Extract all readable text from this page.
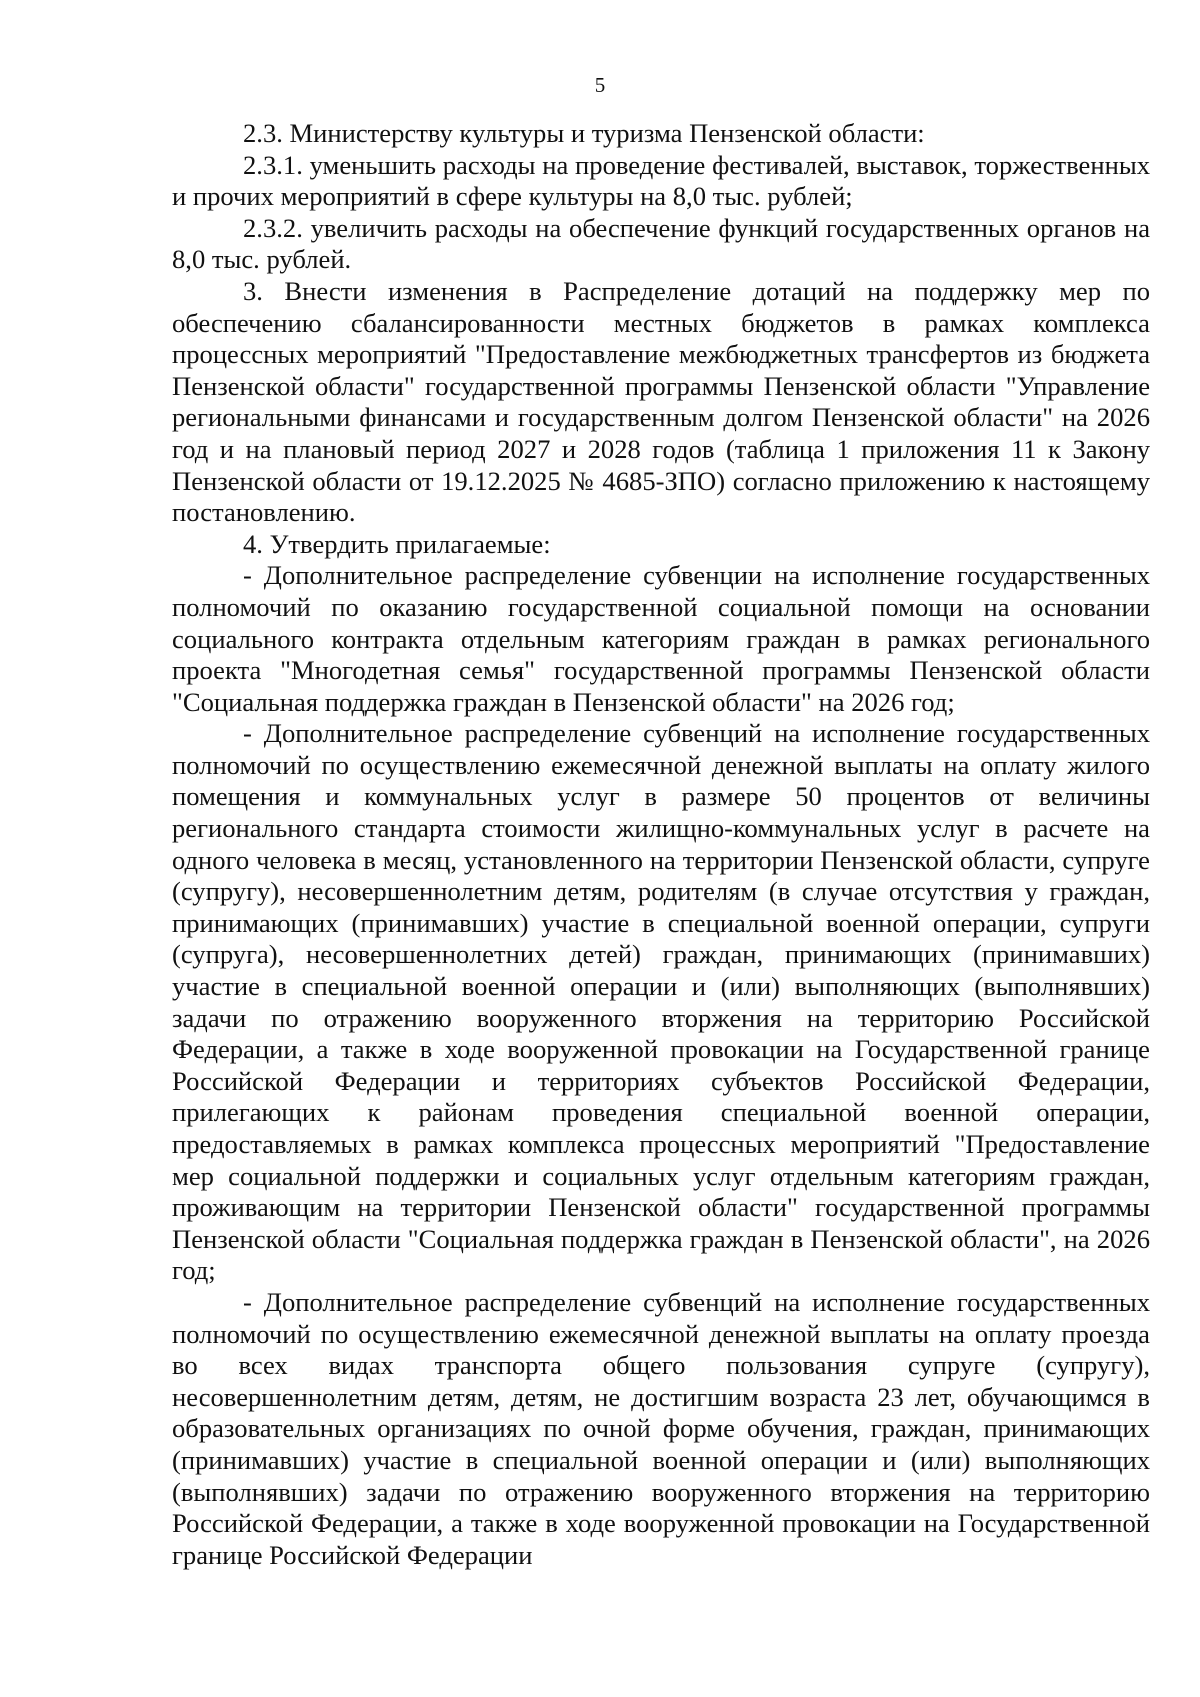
5

2.3. Министерству культуры и туризма Пензенской области:

2.3.1. уменьшить расходы на проведение фестивалей, выставок, торжественных и прочих мероприятий в сфере культуры на 8,0 тыс. рублей;

2.3.2. увеличить расходы на обеспечение функций государственных органов на 8,0 тыс. рублей.

3. Внести изменения в Распределение дотаций на поддержку мер по обеспечению сбалансированности местных бюджетов в рамках комплекса процессных мероприятий "Предоставление межбюджетных трансфертов из бюджета Пензенской области" государственной программы Пензенской области "Управление региональными финансами и государственным долгом Пензенской области" на 2026 год и на плановый период 2027 и 2028 годов (таблица 1 приложения 11 к Закону Пензенской области от 19.12.2025 № 4685-ЗПО) согласно приложению к настоящему постановлению.

4. Утвердить прилагаемые:

- Дополнительное распределение субвенции на исполнение государственных полномочий по оказанию государственной социальной помощи на основании социального контракта отдельным категориям граждан в рамках регионального проекта "Многодетная семья" государственной программы Пензенской области "Социальная поддержка граждан в Пензенской области" на 2026 год;

- Дополнительное распределение субвенций на исполнение государственных полномочий по осуществлению ежемесячной денежной выплаты на оплату жилого помещения и коммунальных услуг в размере 50 процентов от величины регионального стандарта стоимости жилищно-коммунальных услуг в расчете на одного человека в месяц, установленного на территории Пензенской области, супруге (супругу), несовершеннолетним детям, родителям (в случае отсутствия у граждан, принимающих (принимавших) участие в специальной военной операции, супруги (супруга), несовершеннолетних детей) граждан, принимающих (принимавших) участие в специальной военной операции и (или) выполняющих (выполнявших) задачи по отражению вооруженного вторжения на территорию Российской Федерации, а также в ходе вооруженной провокации на Государственной границе Российской Федерации и территориях субъектов Российской Федерации, прилегающих к районам проведения специальной военной операции, предоставляемых в рамках комплекса процессных мероприятий "Предоставление мер социальной поддержки и социальных услуг отдельным категориям граждан, проживающим на территории Пензенской области" государственной программы Пензенской области "Социальная поддержка граждан в Пензенской области", на 2026 год;

- Дополнительное распределение субвенций на исполнение государственных полномочий по осуществлению ежемесячной денежной выплаты на оплату проезда во всех видах транспорта общего пользования супруге (супругу), несовершеннолетним детям, детям, не достигшим возраста 23 лет, обучающимся в образовательных организациях по очной форме обучения, граждан, принимающих (принимавших) участие в специальной военной операции и (или) выполняющих (выполнявших) задачи по отражению вооруженного вторжения на территорию Российской Федерации, а также в ходе вооруженной провокации на Государственной границе Российской Федерации
